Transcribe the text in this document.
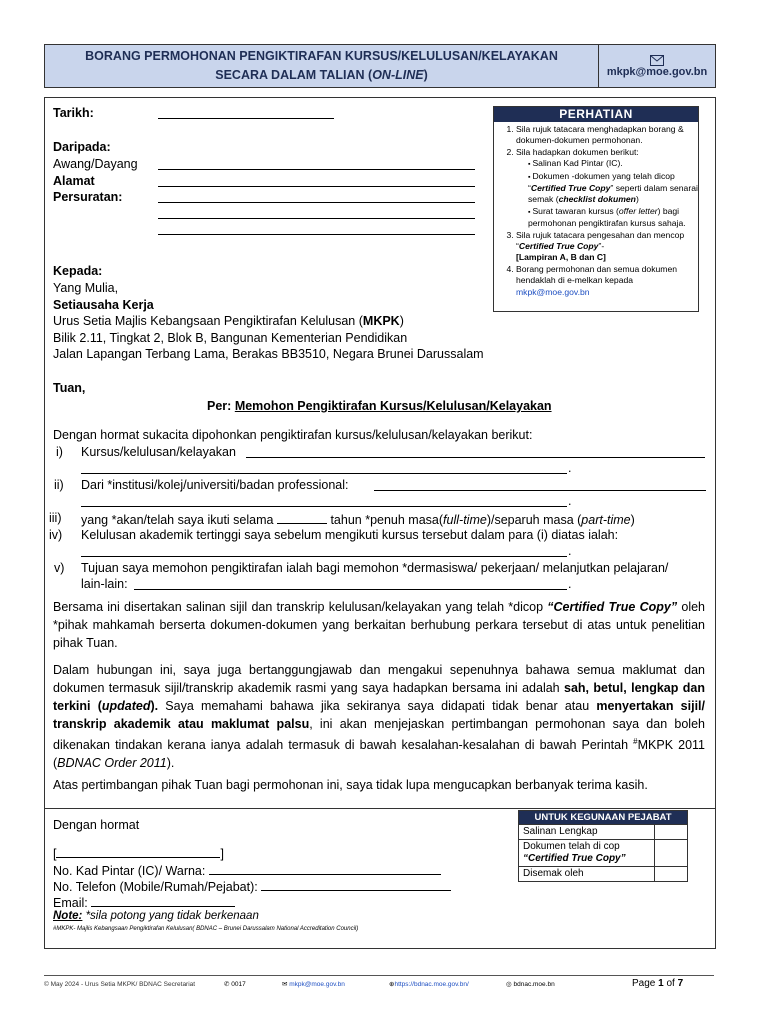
BORANG PERMOHONAN PENGIKTIRAFAN KURSUS/KELULUSAN/KELAYAKAN
SECARA DALAM TALIAN (ON-LINE)	mkpk@moe.gov.bn
PERHATIAN
1. Sila rujuk tatacara menghadapkan borang & dokumen-dokumen permohonan.
2. Sila hadapkan dokumen berikut:
▪ Salinan Kad Pintar (IC).
▪ Dokumen -dokumen yang telah dicop “Certified True Copy” seperti dalam senarai semak (checklist dokumen)
▪ Surat tawaran kursus (offer letter) bagi permohonan pengiktirafan kursus sahaja.
3. Sila rujuk tatacara pengesahan dan mencop “Certified True Copy”-
[Lampiran A, B dan C]
4. Borang permohonan dan semua dokumen hendaklah di e-melkan kepada
mkpk@moe.gov.bn
Tarikh:
Daripada:
Awang/Dayang
Alamat
Persuratan:
Kepada:
Yang Mulia,
Setiausaha Kerja
Urus Setia Majlis Kebangsaan Pengiktirafan Kelulusan (MKPK)
Bilik 2.11, Tingkat 2, Blok B, Bangunan Kementerian Pendidikan
Jalan Lapangan Terbang Lama, Berakas BB3510, Negara Brunei Darussalam
Tuan,
Per: Memohon Pengiktirafan Kursus/Kelulusan/Kelayakan
Dengan hormat sukacita dipohonkan pengiktirafan kursus/kelulusan/kelayakan berikut:
i) Kursus/kelulusan/kelayakan
.
ii) Dari *institusi/kolej/universiti/badan professional:
.
iii) yang *akan/telah saya ikuti selama	tahun *penuh masa(full-time)/separuh masa (part-time)
iv) Kelulusan akademik tertinggi saya sebelum mengikuti kursus tersebut dalam para (i) diatas ialah:
.
v) Tujuan saya memohon pengiktirafan ialah bagi memohon *dermasiswa/ pekerjaan/ melanjutkan pelajaran/
lain-lain:	.
Bersama ini disertakan salinan sijil dan transkrip kelulusan/kelayakan yang telah *dicop “Certified True Copy” oleh *pihak mahkamah berserta dokumen-dokumen yang berkaitan berhubung perkara tersebut di atas untuk penelitian pihak Tuan.
Dalam hubungan ini, saya juga bertanggungjawab dan mengakui sepenuhnya bahawa semua maklumat dan dokumen termasuk sijil/transkrip akademik rasmi yang saya hadapkan bersama ini adalah sah, betul, lengkap dan terkini (updated). Saya memahami bahawa jika sekiranya saya didapati tidak benar atau menyertakan sijil/ transkrip akademik atau maklumat palsu, ini akan menjejaskan pertimbangan permohonan saya dan boleh dikenakan tindakan kerana ianya adalah termasuk di bawah kesalahan-kesalahan di bawah Perintah #MKPK 2011 (BDNAC Order 2011).
Atas pertimbangan pihak Tuan bagi permohonan ini, saya tidak lupa mengucapkan berbanyak terima kasih.
Dengan hormat
[	]
No. Kad Pintar (IC)/ Warna:
No. Telefon (Mobile/Rumah/Pejabat):
Email:
Note: *sila potong yang tidak berkenaan
#MKPK- Majlis Kebangsaan Pengiktirafan Kelulusan( BDNAC – Brunei Darussalam National Accreditation Council)
UNTUK KEGUNAAN PEJABAT
Salinan Lengkap
Dokumen telah di cop
“Certified True Copy”
Disemak oleh
© May 2024 - Urus Setia MKPK/ BDNAC Secretariat	✆ 0017	✉ mkpk@moe.gov.bn	⊕https://bdnac.moe.gov.bn/	◎ bdnac.moe.bn	Page 1 of 7
